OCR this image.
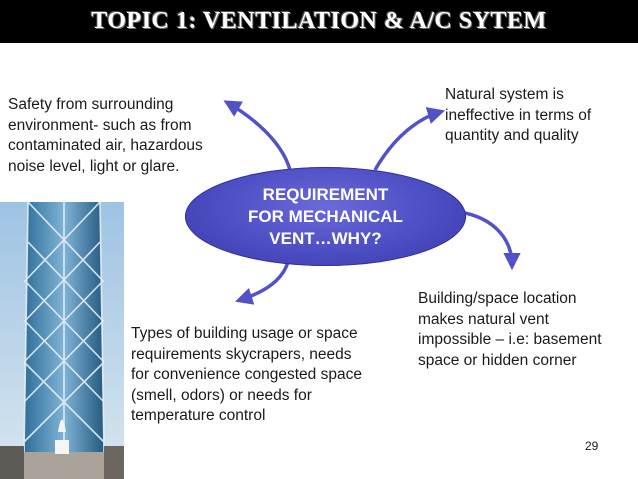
TOPIC 1: VENTILATION & A/C SYTEM
Safety from surrounding
environment- such as from
contaminated air, hazardous
noise level, light or glare.
Natural system is
ineffective in terms of
quantity and quality
Building/space location
makes natural vent
impossible – i.e: basement
space or hidden corner
Types of building usage or space
requirements skycrapers, needs
for convenience congested space
(smell, odors) or needs for
temperature control
REQUIREMENT
FOR MECHANICAL
VENT…WHY?
29
